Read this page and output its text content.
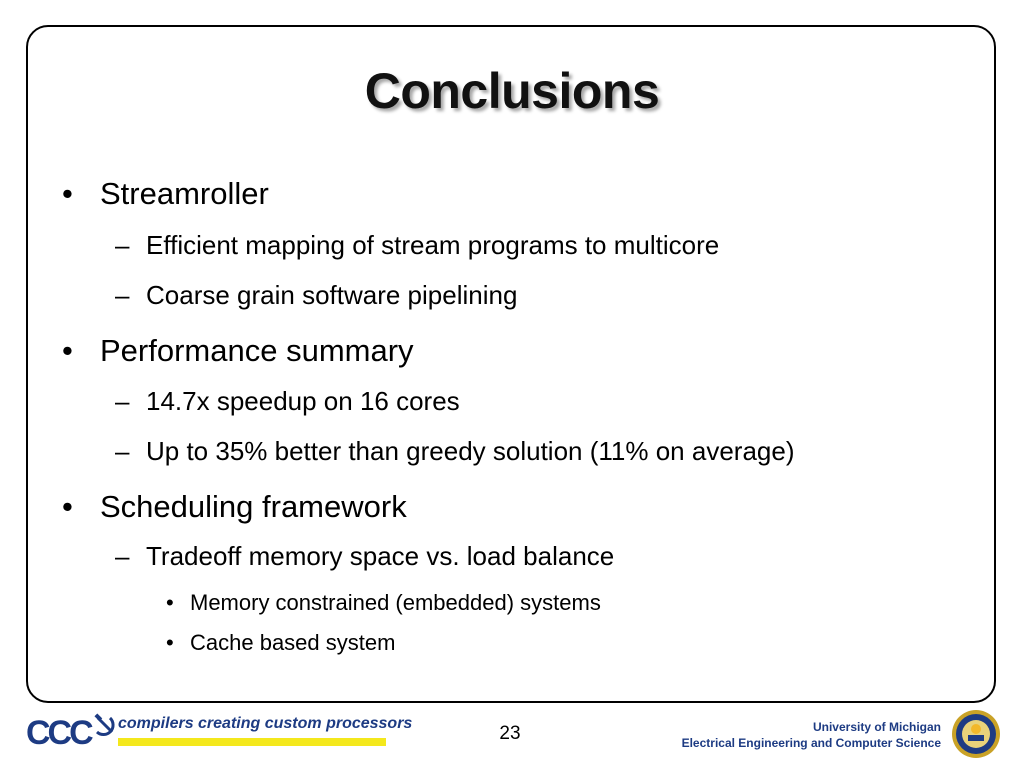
Conclusions
• Streamroller
– Efficient mapping of stream programs to multicore
– Coarse grain software pipelining
• Performance summary
– 14.7x speedup on 16 cores
– Up to 35% better than greedy solution (11% on average)
• Scheduling framework
– Tradeoff memory space vs. load balance
• Memory constrained (embedded) systems
• Cache based system
CCC compilers creating custom processors	23	University of Michigan
Electrical Engineering and Computer Science
